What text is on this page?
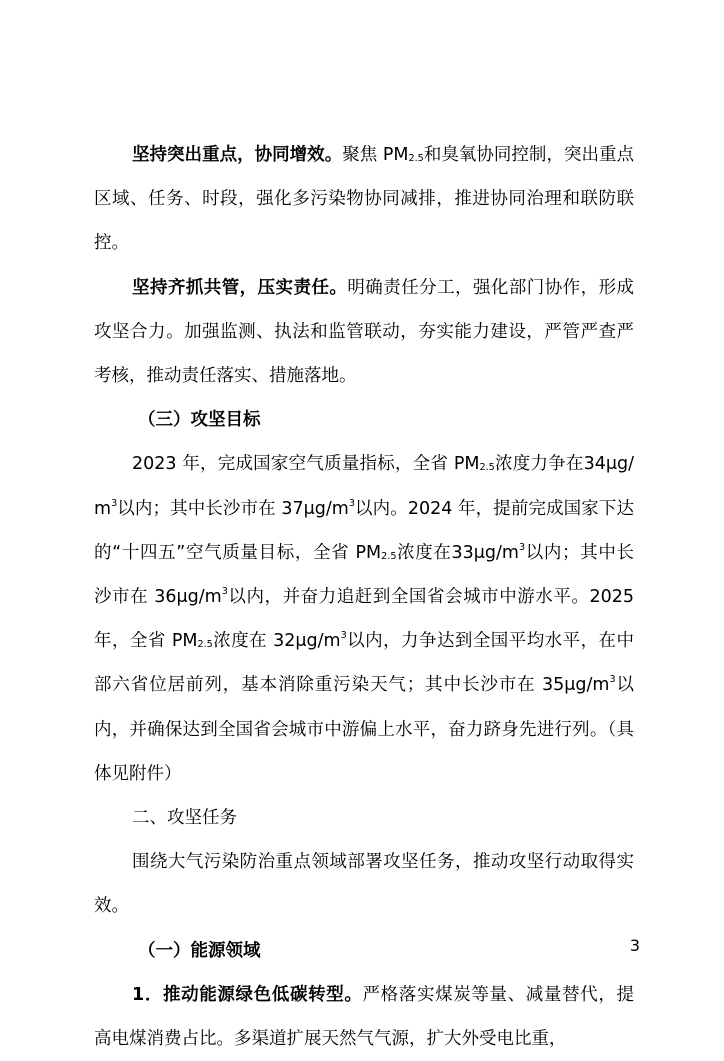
坚持突出重点，协同增效。聚焦 $PM_{2.5}$和臭氧协同控制，突出重点区域、任务、时段，强化多污染物协同减排，推进协同治理和联防联控。

坚持齐抓共管，压实责任。明确责任分工，强化部门协作，形成攻坚合力。加强监测、执法和监管联动，夯实能力建设，严管严查严考核，推动责任落实、措施落地。

（三）攻坚目标

2023 年，完成国家空气质量指标，全省 $PM_{2.5}$浓度力争在$34\mu g/m^3$以内；其中长沙市在 $37\mu g/m^3$以内。2024 年，提前完成国家下达的“十四五”空气质量目标，全省 $PM_{2.5}$浓度在$33\mu g/m^3$以内；其中长沙市在 $36\mu g/m^3$以内，并奋力追赶到全国省会城市中游水平。2025 年，全省 $PM_{2.5}$浓度在 $32\mu g/m^3$以内，力争达到全国平均水平，在中部六省位居前列，基本消除重污染天气；其中长沙市在 $35\mu g/m^3$以内，并确保达到全国省会城市中游偏上水平，奋力跻身先进行列。（具体见附件）

二、攻坚任务

围绕大气污染防治重点领域部署攻坚任务，推动攻坚行动取得实效。

（一）能源领域

1．推动能源绿色低碳转型。严格落实煤炭等量、减量替代，提高电煤消费占比。多渠道扩展天然气气源，扩大外受电比重，

3
